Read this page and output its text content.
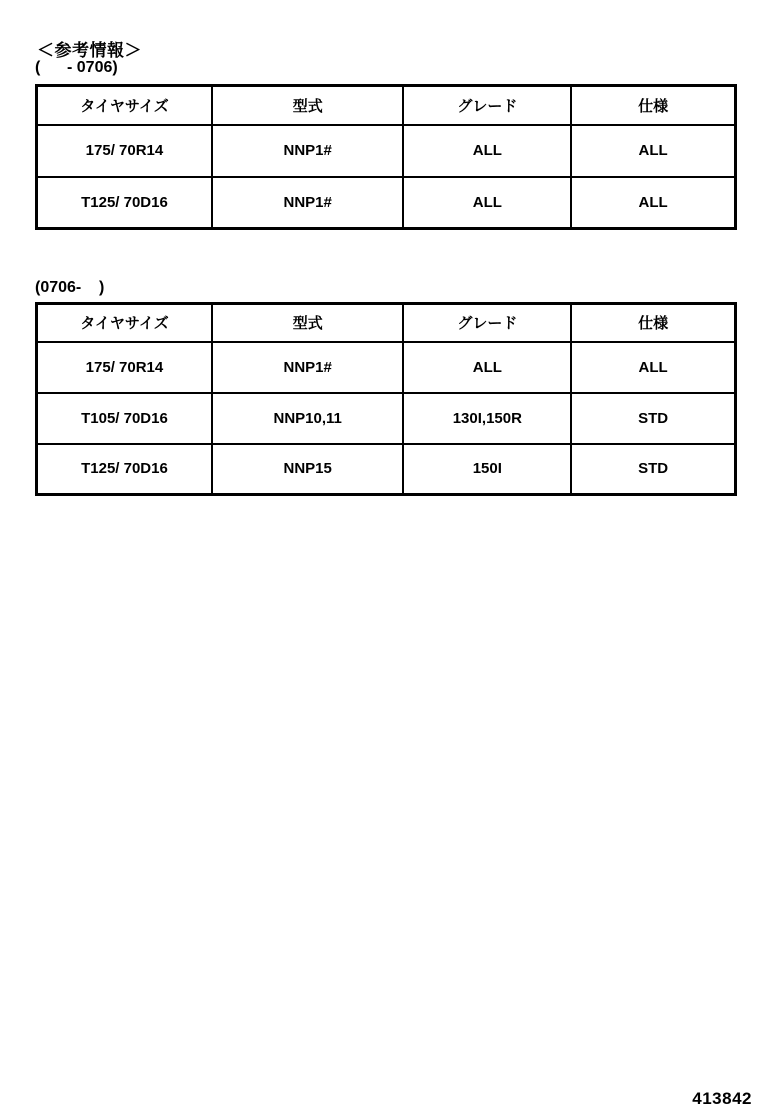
＜参考情報＞
(      - 0706)
タイヤサイズ	型式	グレード	仕様
175/ 70R14	NNP1#	ALL	ALL
T125/ 70D16	NNP1#	ALL	ALL
(0706-    )
タイヤサイズ	型式	グレード	仕様
175/ 70R14	NNP1#	ALL	ALL
T105/ 70D16	NNP10,11	130I,150R	STD
T125/ 70D16	NNP15	150I	STD
413842
